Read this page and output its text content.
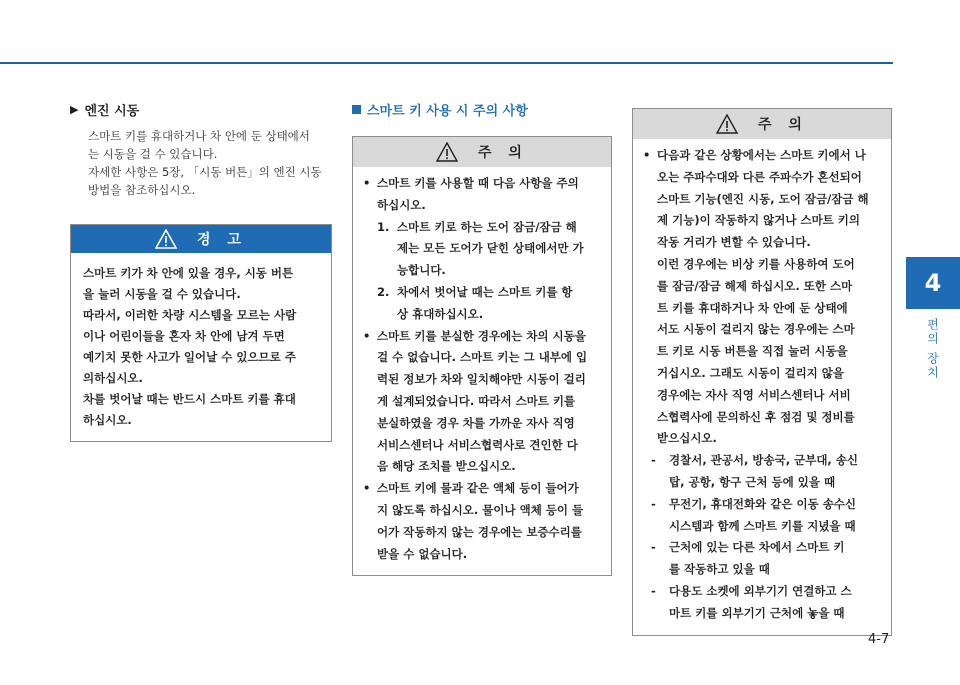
4
편의 장치
▶ 엔진 시동

스마트 키를 휴대하거나 차 안에 둔 상태에서

는 시동을 걸 수 있습니다.

자세한 사항은 5장, 「시동 버튼」의 엔진 시동

방법을 참조하십시오.

경 고

스마트 키가 차 안에 있을 경우, 시동 버튼

을 눌러 시동을 걸 수 있습니다.

따라서, 이러한 차량 시스템을 모르는 사람

이나 어린이들을 혼자 차 안에 남겨 두면

예기치 못한 사고가 일어날 수 있으므로 주

의하십시오.

차를 벗어날 때는 반드시 스마트 키를 휴대

하십시오.

스마트 키 사용 시 주의 사항
주 의
• 스마트 키를 사용할 때 다음 사항을 주의
하십시오.
1. 스마트 키로 하는 도어 잠금/잠금 해
제는 모든 도어가 닫힌 상태에서만 가
능합니다.
2. 차에서 벗어날 때는 스마트 키를 항
상 휴대하십시오.
• 스마트 키를 분실한 경우에는 차의 시동을
걸 수 없습니다. 스마트 키는 그 내부에 입
력된 정보가 차와 일치해야만 시동이 걸리
게 설계되었습니다. 따라서 스마트 키를
분실하였을 경우 차를 가까운 자사 직영
서비스센터나 서비스협력사로 견인한 다
음 해당 조치를 받으십시오.
• 스마트 키에 물과 같은 액체 등이 들어가
지 않도록 하십시오. 물이나 액체 등이 들
어가 작동하지 않는 경우에는 보증수리를
받을 수 없습니다.
주 의
• 다음과 같은 상황에서는 스마트 키에서 나
오는 주파수대와 다른 주파수가 혼선되어
스마트 기능(엔진 시동, 도어 잠금/잠금 해
제 기능)이 작동하지 않거나 스마트 키의
작동 거리가 변할 수 있습니다.
이런 경우에는 비상 키를 사용하여 도어
를 잠금/잠금 해제 하십시오. 또한 스마
트 키를 휴대하거나 차 안에 둔 상태에
서도 시동이 걸리지 않는 경우에는 스마
트 키로 시동 버튼을 직접 눌러 시동을
거십시오. 그래도 시동이 걸리지 않을
경우에는 자사 직영 서비스센터나 서비
스협력사에 문의하신 후 점검 및 정비를
받으십시오.
-	경찰서, 관공서, 방송국, 군부대, 송신
탑, 공항, 항구 근처 등에 있을 때
-	무전기, 휴대전화와 같은 이동 송수신
시스템과 함께 스마트 키를 지녔을 때
-	근처에 있는 다른 차에서 스마트 키
를 작동하고 있을 때
-	다용도 소켓에 외부기기 연결하고 스
마트 키를 외부기기 근처에 놓을 때
4-7
